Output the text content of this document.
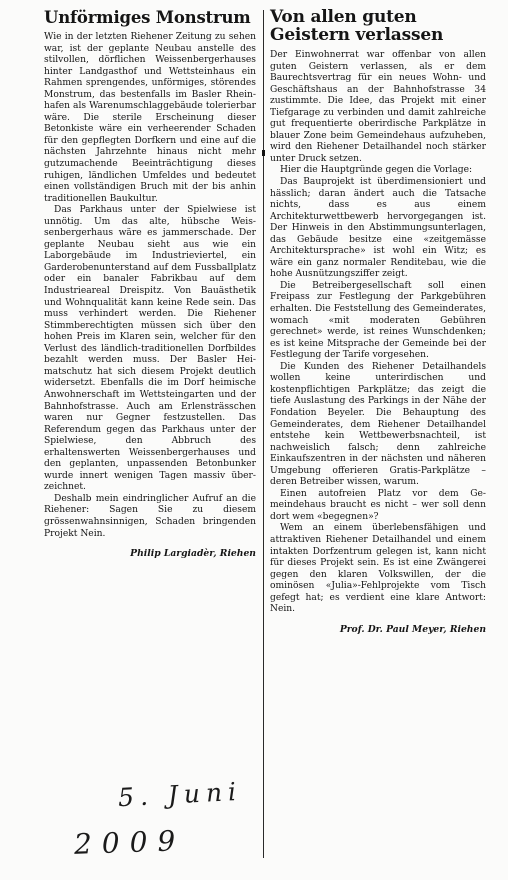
Unförmiges Monstrum

Wie in der letzten Riehener Zeitung zu sehen war, ist der geplante Neubau anstelle des stilvollen, dörflichen Weissenbergerhauses hinter Landgasthof und Wettsteinhaus ein Rahmen sprengendes, unförmiges, störendes Monstrum, das bestenfalls im Basler Rheinhafen als Warenumschlaggebäude tolerierbar wäre. Die sterile Erscheinung dieser Betonkiste wäre ein verheerender Schaden für den gepflegten Dorfkern und eine auf die nächsten Jahrzehnte hinaus nicht mehr gutzumachende Beeinträchtigung dieses ruhigen, ländlichen Umfeldes und bedeutet einen vollständigen Bruch mit der bis anhin traditionellen Baukultur.

Das Parkhaus unter der Spielwiese ist unnötig. Um das alte, hübsche Weissenbergerhaus wäre es jammerschade. Der geplante Neubau sieht aus wie ein Laborgebäude im Industrieviertel, ein Garderobenunterstand auf dem Fussballplatz oder ein banaler Fabrikbau auf dem Industrieareal Dreispitz. Von Bauästhetik und Wohnqualität kann keine Rede sein. Das muss verhindert werden. Die Riehener Stimmberechtigten müssen sich über den hohen Preis im Klaren sein, welcher für den Verlust des ländlich-traditionellen Dorfbildes bezahlt werden muss. Der Basler Heimatschutz hat sich diesem Projekt deutlich widersetzt. Ebenfalls die im Dorf heimische Anwohnerschaft im Wettsteingarten und der Bahnhofstrasse. Auch am Erlensträsschen waren nur Gegner festzustellen. Das Referendum gegen das Parkhaus unter der Spielwiese, den Abbruch des erhaltenswerten Weissenbergerhauses und den geplanten, unpassenden Betonbunker wurde innert wenigen Tagen massiv überzeichnet.

Deshalb mein eindringlicher Aufruf an die Riehener: Sagen Sie zu diesem grössenwahnsinnigen, Schaden bringenden Projekt Nein.

Philip Largiadèr, Riehen
Von allen guten Geistern verlassen

Der Einwohnerrat war offenbar von allen guten Geistern verlassen, als er dem Baurechtsvertrag für ein neues Wohn- und Geschäftshaus an der Bahnhofstrasse 34 zustimmte. Die Idee, das Projekt mit einer Tiefgarage zu verbinden und damit zahlreiche gut frequentierte oberirdische Parkplätze in blauer Zone beim Gemeindehaus aufzuheben, wird den Riehener Detailhandel noch stärker unter Druck setzen.

Hier die Hauptgründe gegen die Vorlage:

Das Bauprojekt ist überdimensioniert und hässlich; daran ändert auch die Tatsache nichts, dass es aus einem Architekturwettbewerb hervorgegangen ist. Der Hinweis in den Abstimmungsunterlagen, das Gebäude besitze eine «zeitgemässe Architektursprache» ist wohl ein Witz; es wäre ein ganz normaler Renditebau, wie die hohe Ausnützungsziffer zeigt.

Die Betreibergesellschaft soll einen Freipass zur Festlegung der Parkgebühren erhalten. Die Feststellung des Gemeinderates, womach «mit moderaten Gebühren gerechnet» werde, ist reines Wunschdenken; es ist keine Mitsprache der Gemeinde bei der Festlegung der Tarife vorgesehen.

Die Kunden des Riehener Detailhandels wollen keine unterirdischen und kostenpflichtigen Parkplätze; das zeigt die tiefe Auslastung des Parkings in der Nähe der Fondation Beyeler. Die Behauptung des Gemeinderates, dem Riehener Detailhandel entstehe kein Wettbewerbsnachteil, ist nachweislich falsch; denn zahlreiche Einkaufszentren in der nächsten und näheren Umgebung offerieren Gratis-Parkplätze – deren Betreiber wissen, warum.

Einen autofreien Platz vor dem Gemeindehaus braucht es nicht – wer soll denn dort wem «begegnen»?

Wem an einem überlebensfähigen und attraktiven Riehener Detailhandel und einem intakten Dorfzentrum gelegen ist, kann nicht für dieses Projekt sein. Es ist eine Zwängerei gegen den klaren Volkswillen, der die ominösen «Julia»-Fehlprojekte vom Tisch gefegt hat; es verdient eine klare Antwort: Nein.

Prof. Dr. Paul Meyer, Riehen
5. Juni
2009
